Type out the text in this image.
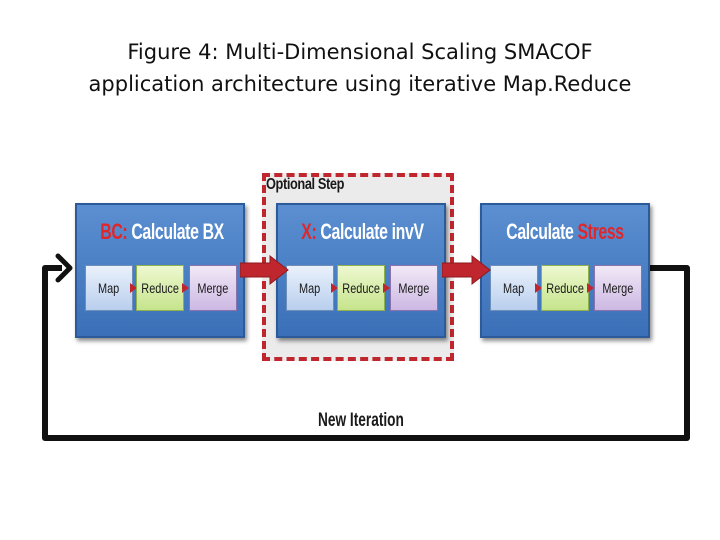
Figure 4: Multi-Dimensional Scaling SMACOF
application architecture using iterative Map.Reduce
Optional Step
BC: Calculate BX
Map Reduce Merge
X: Calculate invV
Map Reduce Merge
Calculate Stress
Map Reduce Merge
New Iteration
